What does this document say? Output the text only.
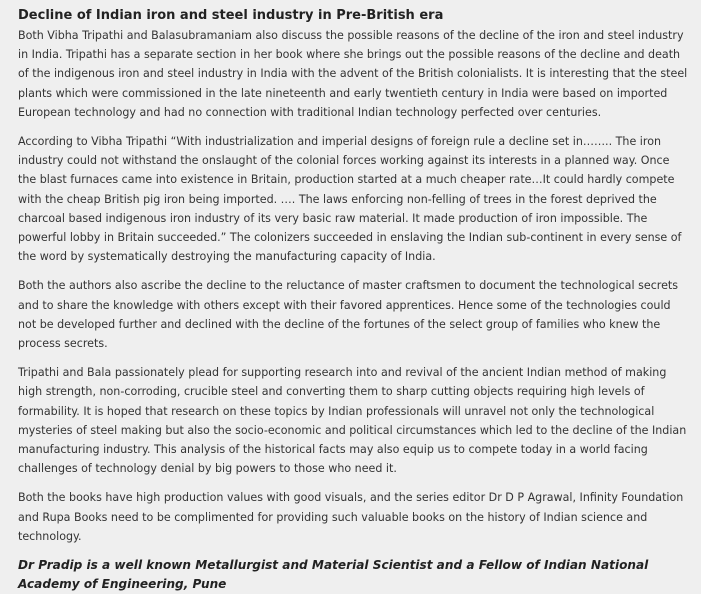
Decline of Indian iron and steel industry in Pre-British era

Both Vibha Tripathi and Balasubramaniam also discuss the possible reasons of the decline of the iron and steel industry in India. Tripathi has a separate section in her book where she brings out the possible reasons of the decline and death of the indigenous iron and steel industry in India with the advent of the British colonialists. It is interesting that the steel plants which were commissioned in the late nineteenth and early twentieth century in India were based on imported European technology and had no connection with traditional Indian technology perfected over centuries.

According to Vibha Tripathi “With industrialization and imperial designs of foreign rule a decline set in…….. The iron industry could not withstand the onslaught of the colonial forces working against its interests in a planned way. Once the blast furnaces came into existence in Britain, production started at a much cheaper rate…It could hardly compete with the cheap British pig iron being imported. …. The laws enforcing non-felling of trees in the forest deprived the charcoal based indigenous iron industry of its very basic raw material. It made production of iron impossible. The powerful lobby in Britain succeeded.” The colonizers succeeded in enslaving the Indian sub-continent in every sense of the word by systematically destroying the manufacturing capacity of India.

Both the authors also ascribe the decline to the reluctance of master craftsmen to document the technological secrets and to share the knowledge with others except with their favored apprentices. Hence some of the technologies could not be developed further and declined with the decline of the fortunes of the select group of families who knew the process secrets.

Tripathi and Bala passionately plead for supporting research into and revival of the ancient Indian method of making high strength, non-corroding, crucible steel and converting them to sharp cutting objects requiring high levels of formability. It is hoped that research on these topics by Indian professionals will unravel not only the technological mysteries of steel making but also the socio-economic and political circumstances which led to the decline of the Indian manufacturing industry. This analysis of the historical facts may also equip us to compete today in a world facing challenges of technology denial by big powers to those who need it.

Both the books have high production values with good visuals, and the series editor Dr D P Agrawal, Infinity Foundation and Rupa Books need to be complimented for providing such valuable books on the history of Indian science and technology.

Dr Pradip is a well known Metallurgist and Material Scientist and a Fellow of Indian National Academy of Engineering, Pune
